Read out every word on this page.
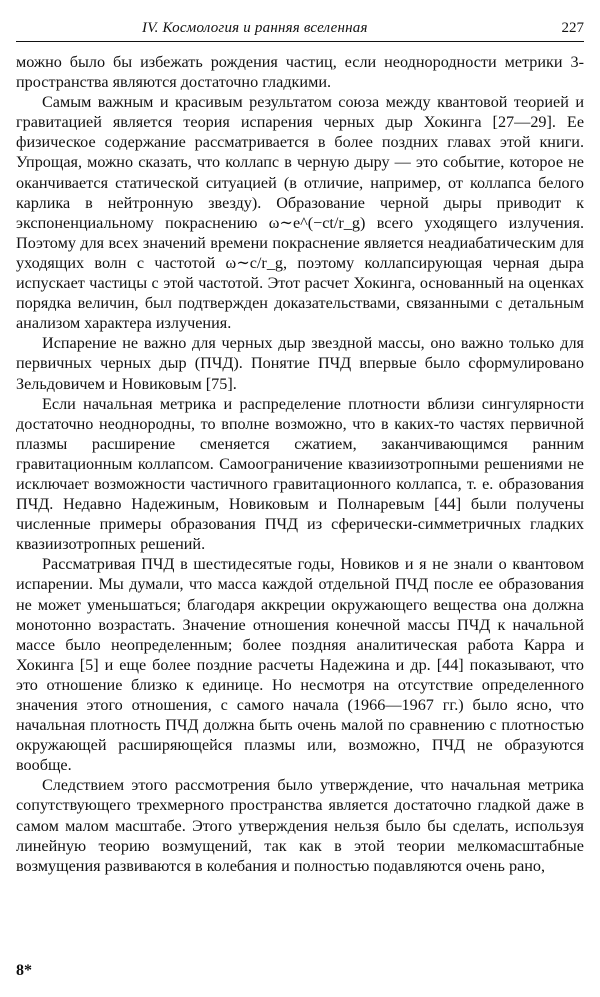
IV. Космология и ранняя вселенная	227

можно было бы избежать рождения частиц, если неоднородности метрики 3-пространства являются достаточно гладкими.

Самым важным и красивым результатом союза между квантовой теорией и гравитацией является теория испарения черных дыр Хокинга [27—29]. Ее физическое содержание рассматривается в более поздних главах этой книги. Упрощая, можно сказать, что коллапс в черную дыру — это событие, которое не оканчивается статической ситуацией (в отличие, например, от коллапса белого карлика в нейтронную звезду). Образование черной дыры приводит к экспоненциальному покраснению ω∼e^(−ct/r_g) всего уходящего излучения. Поэтому для всех значений времени покраснение является неадиабатическим для уходящих волн с частотой ω∼c/r_g, поэтому коллапсирующая черная дыра испускает частицы с этой частотой. Этот расчет Хокинга, основанный на оценках порядка величин, был подтвержден доказательствами, связанными с детальным анализом характера излучения.

Испарение не важно для черных дыр звездной массы, оно важно только для первичных черных дыр (ПЧД). Понятие ПЧД впервые было сформулировано Зельдовичем и Новиковым [75].

Если начальная метрика и распределение плотности вблизи сингулярности достаточно неоднородны, то вполне возможно, что в каких-то частях первичной плазмы расширение сменяется сжатием, заканчивающимся ранним гравитационным коллапсом. Самоограничение квазиизотропными решениями не исключает возможности частичного гравитационного коллапса, т. е. образования ПЧД. Недавно Надежиным, Новиковым и Полнаревым [44] были получены численные примеры образования ПЧД из сферически-симметричных гладких квазиизотропных решений.

Рассматривая ПЧД в шестидесятые годы, Новиков и я не знали о квантовом испарении. Мы думали, что масса каждой отдельной ПЧД после ее образования не может уменьшаться; благодаря аккреции окружающего вещества она должна монотонно возрастать. Значение отношения конечной массы ПЧД к начальной массе было неопределенным; более поздняя аналитическая работа Карра и Хокинга [5] и еще более поздние расчеты Надежина и др. [44] показывают, что это отношение близко к единице. Но несмотря на отсутствие определенного значения этого отношения, с самого начала (1966—1967 гг.) было ясно, что начальная плотность ПЧД должна быть очень малой по сравнению с плотностью окружающей расширяющейся плазмы или, возможно, ПЧД не образуются вообще.

Следствием этого рассмотрения было утверждение, что начальная метрика сопутствующего трехмерного пространства является достаточно гладкой даже в самом малом масштабе. Этого утверждения нельзя было бы сделать, используя линейную теорию возмущений, так как в этой теории мелкомасштабные возмущения развиваются в колебания и полностью подавляются очень рано,

8*
